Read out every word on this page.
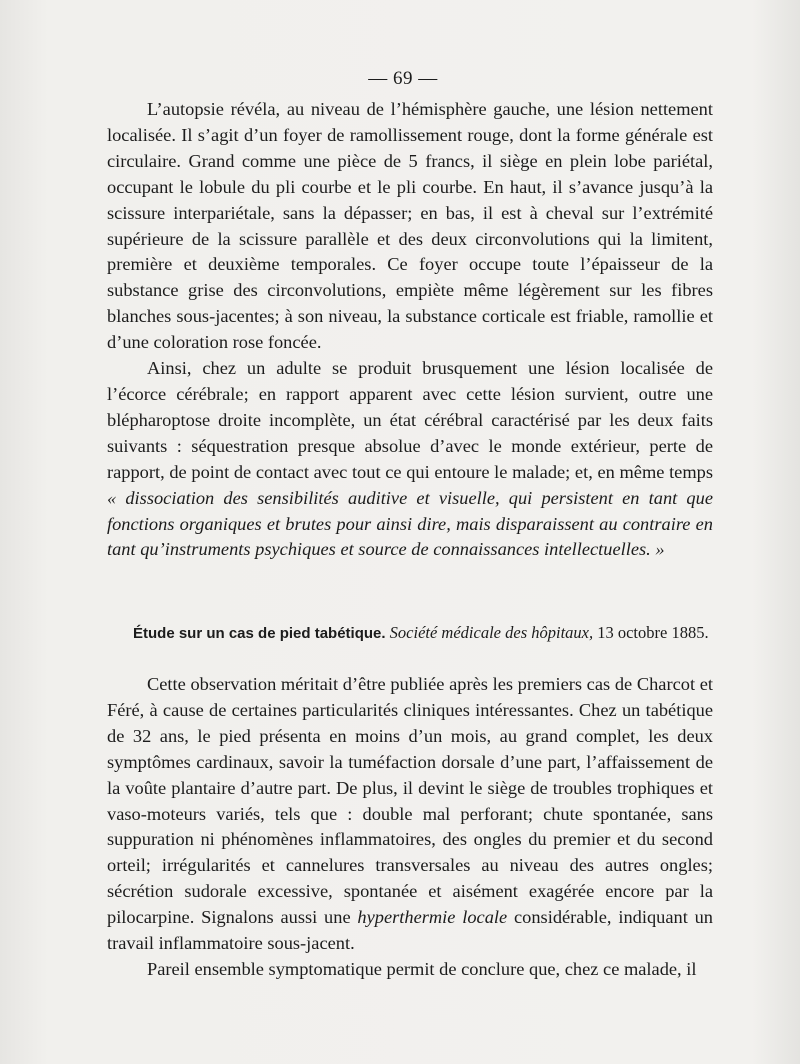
— 69 —

L’autopsie révéla, au niveau de l’hémisphère gauche, une lésion nettement localisée. Il s’agit d’un foyer de ramollissement rouge, dont la forme générale est circulaire. Grand comme une pièce de 5 francs, il siège en plein lobe pariétal, occupant le lobule du pli courbe et le pli courbe. En haut, il s’avance jusqu’à la scissure interpariétale, sans la dépasser; en bas, il est à cheval sur l’extrémité supérieure de la scissure parallèle et des deux circonvolutions qui la limitent, première et deuxième temporales. Ce foyer occupe toute l’épaisseur de la substance grise des circonvolutions, empiète même légèrement sur les fibres blanches sous-jacentes; à son niveau, la substance corticale est friable, ramollie et d’une coloration rose foncée.

Ainsi, chez un adulte se produit brusquement une lésion localisée de l’écorce cérébrale; en rapport apparent avec cette lésion survient, outre une blépharoptose droite incomplète, un état cérébral caractérisé par les deux faits suivants : séquestration presque absolue d’avec le monde extérieur, perte de rapport, de point de contact avec tout ce qui entoure le malade; et, en même temps « dissociation des sensibilités auditive et visuelle, qui persistent en tant que fonctions organiques et brutes pour ainsi dire, mais disparaissent au contraire en tant qu’instruments psychiques et source de connaissances intellectuelles. »

Étude sur un cas de pied tabétique. Société médicale des hôpitaux, 13 octobre 1885.

Cette observation méritait d’être publiée après les premiers cas de Charcot et Féré, à cause de certaines particularités cliniques intéressantes. Chez un tabétique de 32 ans, le pied présenta en moins d’un mois, au grand complet, les deux symptômes cardinaux, savoir la tuméfaction dorsale d’une part, l’affaissement de la voûte plantaire d’autre part. De plus, il devint le siège de troubles trophiques et vaso-moteurs variés, tels que : double mal perforant; chute spontanée, sans suppuration ni phénomènes inflammatoires, des ongles du premier et du second orteil; irrégularités et cannelures transversales au niveau des autres ongles; sécrétion sudorale excessive, spontanée et aisément exagérée encore par la pilocarpine. Signalons aussi une hyperthermie locale considérable, indiquant un travail inflammatoire sous-jacent.

Pareil ensemble symptomatique permit de conclure que, chez ce malade, il
